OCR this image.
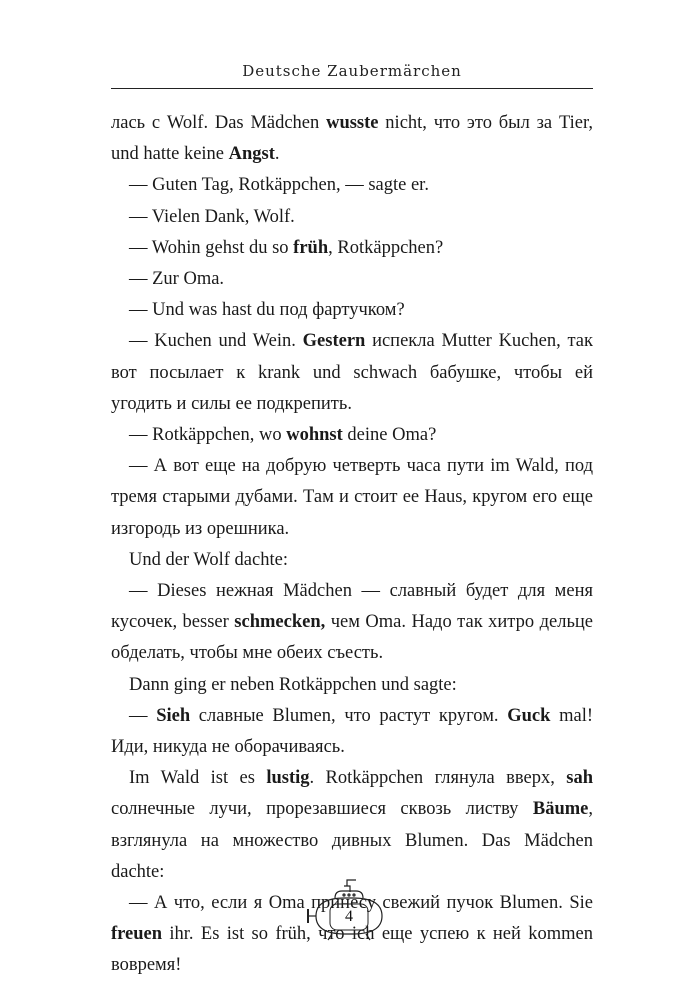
Deutsche Zaubermärchen

лась с Wolf. Das Mädchen wusste nicht, что это был за Tier, und hatte keine Angst.

— Guten Tag, Rotkäppchen, — sagte er.

— Vielen Dank, Wolf.

— Wohin gehst du so früh, Rotkäppchen?

— Zur Oma.

— Und was hast du под фартучком?

— Kuchen und Wein. Gestern испекла Mutter Kuchen, так вот посылает к krank und schwach бабушке, чтобы ей угодить и силы ее подкрепить.

— Rotkäppchen, wo wohnst deine Oma?

— А вот еще на добрую четверть часа пути im Wald, под тремя старыми дубами. Там и стоит ее Haus, кругом его еще изгородь из орешника.

Und der Wolf dachte:

— Dieses нежная Mädchen — славный будет для меня кусочек, besser schmecken, чем Oma. Надо так хитро дельце обделать, чтобы мне обеих съесть.

Dann ging er neben Rotkäppchen und sagte:

— Sieh славные Blumen, что растут кругом. Guck mal! Иди, никуда не оборачиваясь.

Im Wald ist es lustig. Rotkäppchen глянула вверх, sah солнечные лучи, прорезавшиеся сквозь листву Bäume, взглянула на множество дивных Blumen. Das Mädchen dachte:

— А что, если я Oma принесу свежий пучок Blumen. Sie freuen ihr. Es ist so früh, что ich еще успею к ней kommen вовремя!

4
